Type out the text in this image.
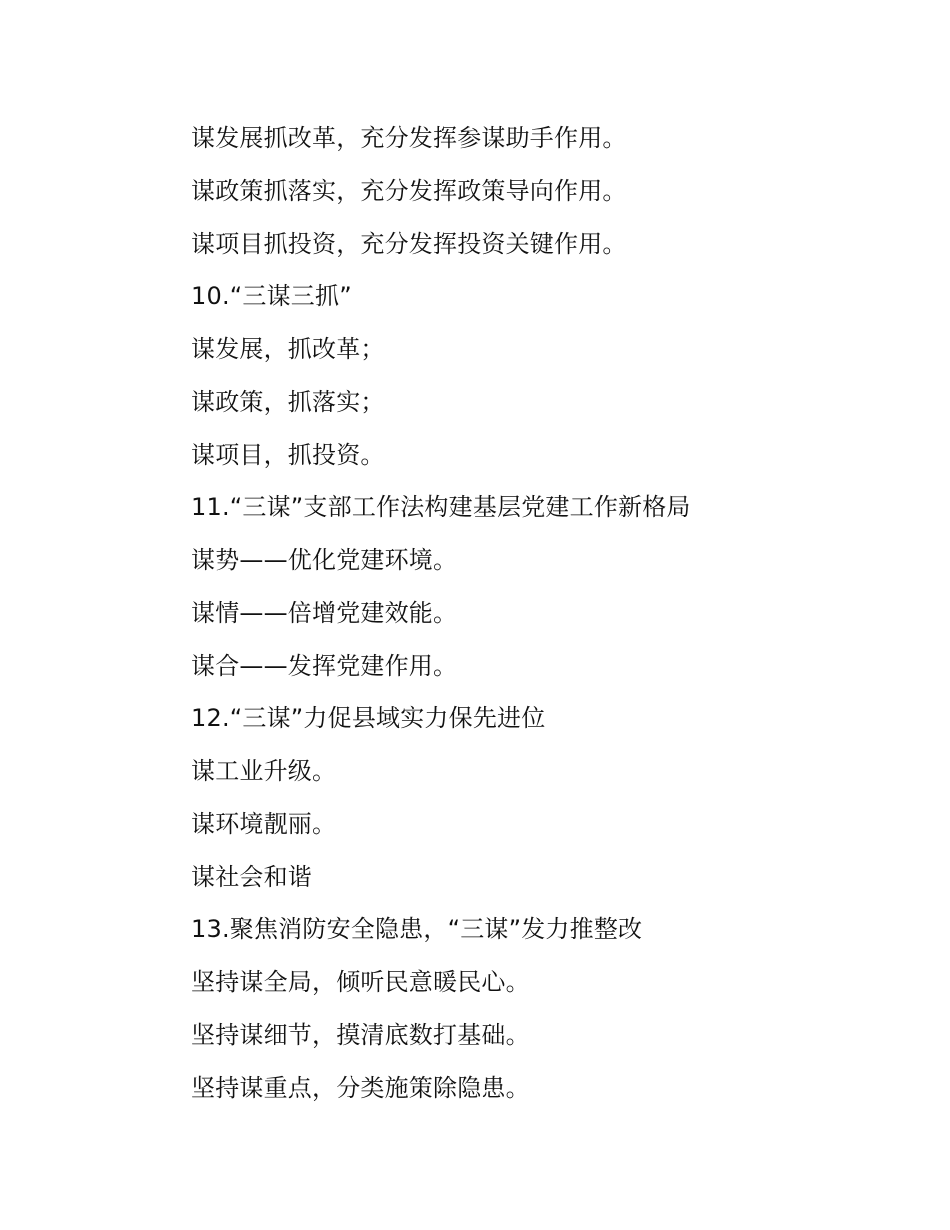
谋发展抓改革，充分发挥参谋助手作用。
谋政策抓落实，充分发挥政策导向作用。
谋项目抓投资，充分发挥投资关键作用。
10.“三谋三抓”
谋发展，抓改革；
谋政策，抓落实；
谋项目，抓投资。
11.“三谋”支部工作法构建基层党建工作新格局
谋势——优化党建环境。
谋情——倍增党建效能。
谋合——发挥党建作用。
12.“三谋”力促县域实力保先进位
谋工业升级。
谋环境靓丽。
谋社会和谐
13.聚焦消防安全隐患，“三谋”发力推整改
坚持谋全局，倾听民意暖民心。
坚持谋细节，摸清底数打基础。
坚持谋重点，分类施策除隐患。
